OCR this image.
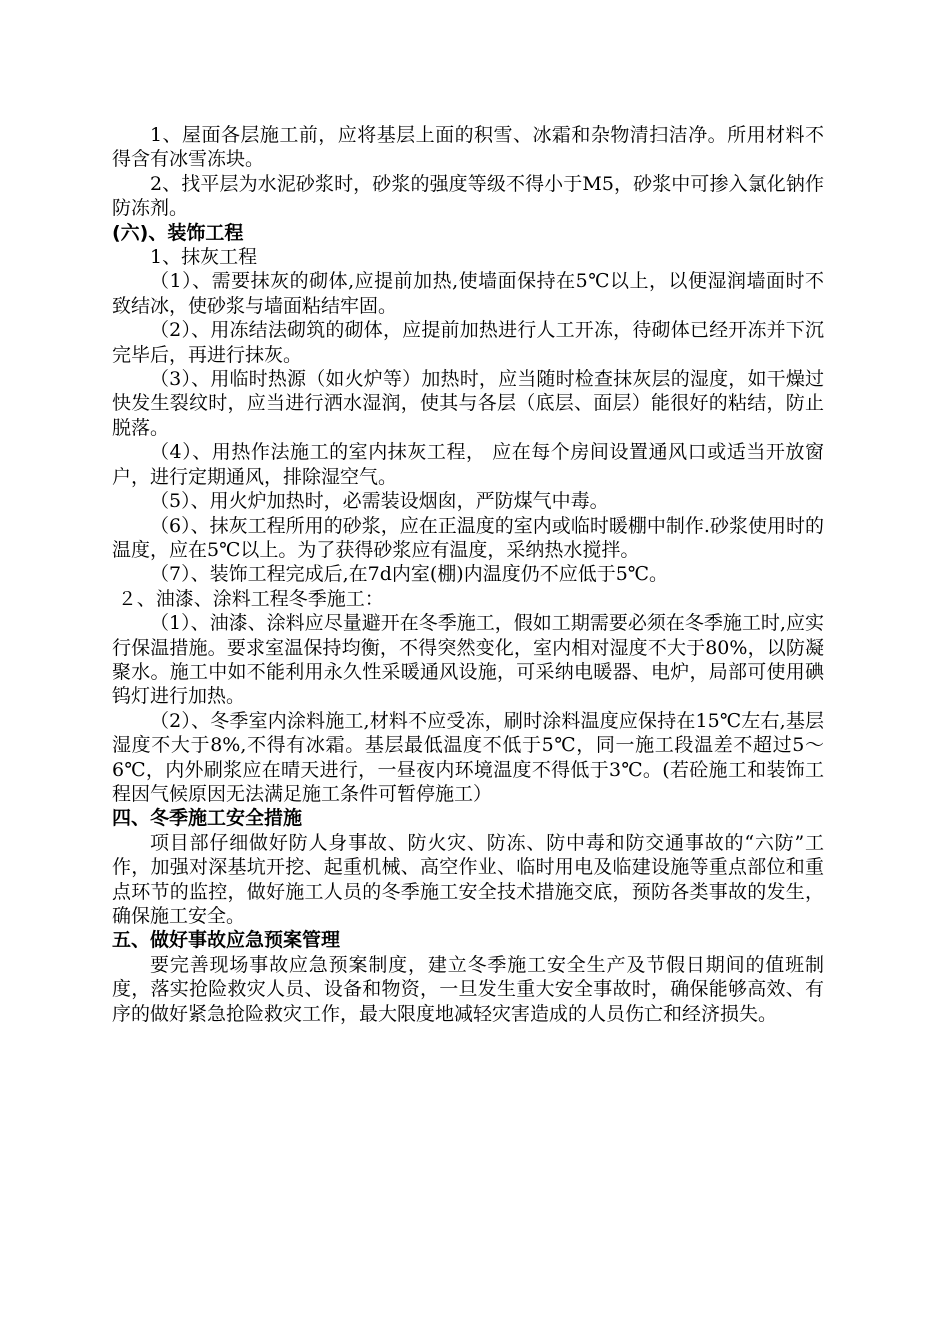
1、屋面各层施工前，应将基层上面的积雪、冰霜和杂物清扫洁净。所用材料不得含有冰雪冻块。

2、找平层为水泥砂浆时，砂浆的强度等级不得小于M5，砂浆中可掺入氯化钠作防冻剂。

(六)、装饰工程

1、抹灰工程

（1）、需要抹灰的砌体,应提前加热,使墙面保持在5℃以上，以便湿润墙面时不致结冰，使砂浆与墙面粘结牢固。

（2）、用冻结法砌筑的砌体，应提前加热进行人工开冻，待砌体已经开冻并下沉完毕后，再进行抹灰。

（3）、用临时热源（如火炉等）加热时，应当随时检查抹灰层的湿度，如干燥过快发生裂纹时，应当进行洒水湿润，使其与各层（底层、面层）能很好的粘结，防止脱落。

（4）、用热作法施工的室内抹灰工程， 应在每个房间设置通风口或适当开放窗户，进行定期通风，排除湿空气。

（5）、用火炉加热时，必需装设烟囱，严防煤气中毒。

（6）、抹灰工程所用的砂浆，应在正温度的室内或临时暖棚中制作.砂浆使用时的温度，应在5℃以上。为了获得砂浆应有温度，采纳热水搅拌。

（7）、装饰工程完成后,在7d内室(棚)内温度仍不应低于5℃。

２、油漆、涂料工程冬季施工：

（1）、油漆、涂料应尽量避开在冬季施工，假如工期需要必须在冬季施工时,应实行保温措施。要求室温保持均衡，不得突然变化，室内相对湿度不大于80%，以防凝聚水。施工中如不能利用永久性采暖通风设施，可采纳电暖器、电炉，局部可使用碘钨灯进行加热。

（2）、冬季室内涂料施工,材料不应受冻，刷时涂料温度应保持在15℃左右,基层湿度不大于8%,不得有冰霜。基层最低温度不低于5℃，同一施工段温差不超过5～6℃，内外刷浆应在晴天进行，一昼夜内环境温度不得低于3℃。(若砼施工和装饰工程因气候原因无法满足施工条件可暂停施工）

四、冬季施工安全措施

项目部仔细做好防人身事故、防火灾、防冻、防中毒和防交通事故的“六防”工作，加强对深基坑开挖、起重机械、高空作业、临时用电及临建设施等重点部位和重点环节的监控，做好施工人员的冬季施工安全技术措施交底，预防各类事故的发生，确保施工安全。

五、做好事故应急预案管理

要完善现场事故应急预案制度，建立冬季施工安全生产及节假日期间的值班制度，落实抢险救灾人员、设备和物资，一旦发生重大安全事故时，确保能够高效、有序的做好紧急抢险救灾工作，最大限度地减轻灾害造成的人员伤亡和经济损失。
